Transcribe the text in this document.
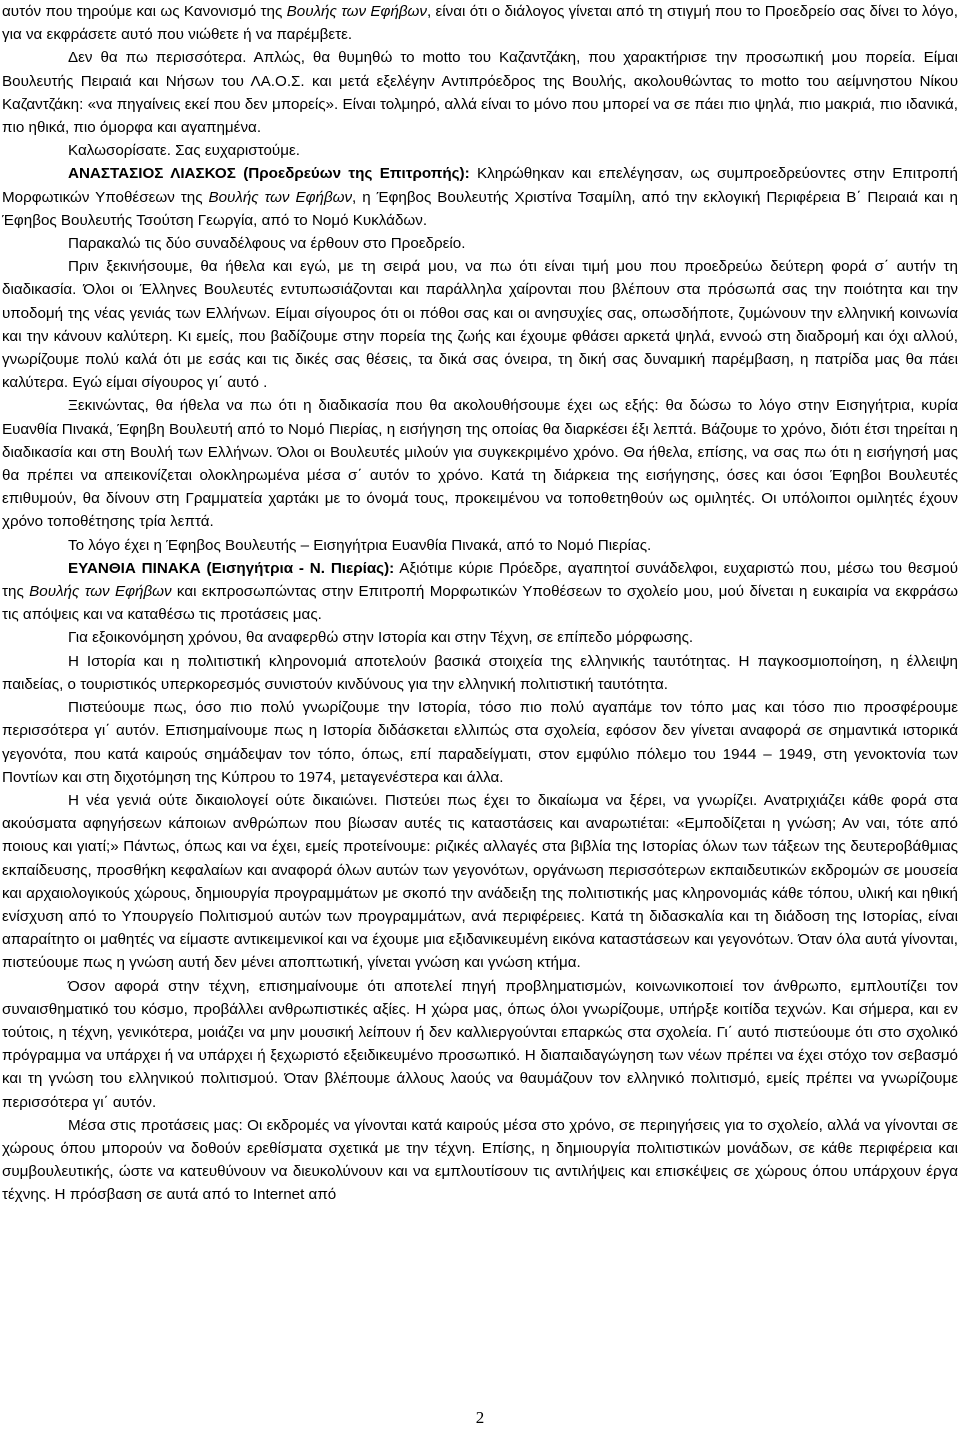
αυτόν που τηρούμε και ως Κανονισμό της Βουλής των Εφήβων, είναι ότι ο διάλογος γίνεται από τη στιγμή που το Προεδρείο σας δίνει το λόγο, για να εκφράσετε αυτό που νιώθετε ή να παρέμβετε.

Δεν θα πω περισσότερα. Απλώς, θα θυμηθώ το motto του Καζαντζάκη, που χαρακτήρισε την προσωπική μου πορεία. Είμαι Βουλευτής Πειραιά και Νήσων του ΛΑ.Ο.Σ. και μετά εξελέγην Αντιπρόεδρος της Βουλής, ακολουθώντας το motto του αείμνηστου Νίκου Καζαντζάκη: «να πηγαίνεις εκεί που δεν μπορείς». Είναι τολμηρό, αλλά είναι το μόνο που μπορεί να σε πάει πιο ψηλά, πιο μακριά, πιο ιδανικά, πιο ηθικά, πιο όμορφα και αγαπημένα.

Καλωσορίσατε. Σας ευχαριστούμε.

ΑΝΑΣΤΑΣΙΟΣ ΛΙΑΣΚΟΣ (Προεδρεύων της Επιτροπής): Κληρώθηκαν και επελέγησαν, ως συμπροεδρεύοντες στην Επιτροπή Μορφωτικών Υποθέσεων της Βουλής των Εφήβων, η Έφηβος Βουλευτής Χριστίνα Τσαμίλη, από την εκλογική Περιφέρεια Β΄ Πειραιά και η Έφηβος Βουλευτής Τσούτση Γεωργία, από το Νομό Κυκλάδων.

Παρακαλώ τις δύο συναδέλφους να έρθουν στο Προεδρείο.

Πριν ξεκινήσουμε, θα ήθελα και εγώ, με τη σειρά μου, να πω ότι είναι τιμή μου που προεδρεύω δεύτερη φορά σ΄ αυτήν τη διαδικασία. Όλοι οι Έλληνες Βουλευτές εντυπωσιάζονται και παράλληλα χαίρονται που βλέπουν στα πρόσωπά σας την ποιότητα και την υποδομή της νέας γενιάς των Ελλήνων. Είμαι σίγουρος ότι οι πόθοι σας και οι ανησυχίες σας, οπωσδήποτε, ζυμώνουν την ελληνική κοινωνία και την κάνουν καλύτερη. Κι εμείς, που βαδίζουμε στην πορεία της ζωής και έχουμε φθάσει αρκετά ψηλά, εννοώ στη διαδρομή και όχι αλλού, γνωρίζουμε πολύ καλά ότι με εσάς και τις δικές σας θέσεις, τα δικά σας όνειρα, τη δική σας δυναμική παρέμβαση, η πατρίδα μας θα πάει καλύτερα. Εγώ είμαι σίγουρος γι΄ αυτό .

Ξεκινώντας, θα ήθελα να πω ότι η διαδικασία που θα ακολουθήσουμε έχει ως εξής: θα δώσω το λόγο στην Εισηγήτρια, κυρία Ευανθία Πινακά, Έφηβη Βουλευτή από το Νομό Πιερίας, η εισήγηση της οποίας θα διαρκέσει έξι λεπτά. Βάζουμε το χρόνο, διότι έτσι τηρείται η διαδικασία και στη Βουλή των Ελλήνων. Όλοι οι Βουλευτές μιλούν για συγκεκριμένο χρόνο. Θα ήθελα, επίσης, να σας πω ότι η εισήγησή μας θα πρέπει να απεικονίζεται ολοκληρωμένα μέσα σ΄ αυτόν το χρόνο. Κατά τη διάρκεια της εισήγησης, όσες και όσοι Έφηβοι Βουλευτές επιθυμούν, θα δίνουν στη Γραμματεία χαρτάκι με το όνομά τους, προκειμένου να τοποθετηθούν ως ομιλητές. Οι υπόλοιποι ομιλητές έχουν χρόνο τοποθέτησης τρία λεπτά.

Το λόγο έχει η Έφηβος Βουλευτής – Εισηγήτρια Ευανθία Πινακά, από το Νομό Πιερίας.

ΕΥΑΝΘΙΑ ΠΙΝΑΚΑ (Εισηγήτρια - Ν. Πιερίας): Αξιότιμε κύριε Πρόεδρε, αγαπητοί συνάδελφοι, ευχαριστώ που, μέσω του θεσμού της Βουλής των Εφήβων και εκπροσωπώντας στην Επιτροπή Μορφωτικών Υποθέσεων το σχολείο μου, μού δίνεται η ευκαιρία να εκφράσω τις απόψεις και να καταθέσω τις προτάσεις μας.

Για εξοικονόμηση χρόνου, θα αναφερθώ στην Ιστορία και στην Τέχνη, σε επίπεδο μόρφωσης.

Η Ιστορία και η πολιτιστική κληρονομιά αποτελούν βασικά στοιχεία της ελληνικής ταυτότητας. Η παγκοσμιοποίηση, η έλλειψη παιδείας, ο τουριστικός υπερκορεσμός συνιστούν κινδύνους για την ελληνική πολιτιστική ταυτότητα.

Πιστεύουμε πως, όσο πιο πολύ γνωρίζουμε την Ιστορία, τόσο πιο πολύ αγαπάμε τον τόπο μας και τόσο πιο προσφέρουμε περισσότερα γι΄ αυτόν. Επισημαίνουμε πως η Ιστορία διδάσκεται ελλιπώς στα σχολεία, εφόσον δεν γίνεται αναφορά σε σημαντικά ιστορικά γεγονότα, που κατά καιρούς σημάδεψαν τον τόπο, όπως, επί παραδείγματι, στον εμφύλιο πόλεμο του 1944 – 1949, στη γενοκτονία των Ποντίων και στη διχοτόμηση της Κύπρου το 1974, μεταγενέστερα και άλλα.

Η νέα γενιά ούτε δικαιολογεί ούτε δικαιώνει. Πιστεύει πως έχει το δικαίωμα να ξέρει, να γνωρίζει. Ανατριχιάζει κάθε φορά στα ακούσματα αφηγήσεων κάποιων ανθρώπων που βίωσαν αυτές τις καταστάσεις και αναρωτιέται: «Εμποδίζεται η γνώση; Αν ναι, τότε από ποιους και γιατί;» Πάντως, όπως και να έχει, εμείς προτείνουμε: ριζικές αλλαγές στα βιβλία της Ιστορίας όλων των τάξεων της δευτεροβάθμιας εκπαίδευσης, προσθήκη κεφαλαίων και αναφορά όλων αυτών των γεγονότων, οργάνωση περισσότερων εκπαιδευτικών εκδρομών σε μουσεία και αρχαιολογικούς χώρους, δημιουργία προγραμμάτων με σκοπό την ανάδειξη της πολιτιστικής μας κληρονομιάς κάθε τόπου, υλική και ηθική ενίσχυση από το Υπουργείο Πολιτισμού αυτών των προγραμμάτων, ανά περιφέρειες. Κατά τη διδασκαλία και τη διάδοση της Ιστορίας, είναι απαραίτητο οι μαθητές να είμαστε αντικειμενικοί και να έχουμε μια εξιδανικευμένη εικόνα καταστάσεων και γεγονότων. Όταν όλα αυτά γίνονται, πιστεύουμε πως η γνώση αυτή δεν μένει αποπτωτική, γίνεται γνώση και γνώση κτήμα.

Όσον αφορά στην τέχνη, επισημαίνουμε ότι αποτελεί πηγή προβληματισμών, κοινωνικοποιεί τον άνθρωπο, εμπλουτίζει τον συναισθηματικό του κόσμο, προβάλλει ανθρωπιστικές αξίες. Η χώρα μας, όπως όλοι γνωρίζουμε, υπήρξε κοιτίδα τεχνών. Και σήμερα, και εν τούτοις, η τέχνη, γενικότερα, μοιάζει να μην μουσική λείπουν ή δεν καλλιεργούνται επαρκώς στα σχολεία. Γι΄ αυτό πιστεύουμε ότι στο σχολικό πρόγραμμα να υπάρχει ή να υπάρχει ή ξεχωριστό εξειδικευμένο προσωπικό. Η διαπαιδαγώγηση των νέων πρέπει να έχει στόχο τον σεβασμό και τη γνώση του ελληνικού πολιτισμού. Όταν βλέπουμε άλλους λαούς να θαυμάζουν τον ελληνικό πολιτισμό, εμείς πρέπει να γνωρίζουμε περισσότερα γι΄ αυτόν.

Μέσα στις προτάσεις μας: Οι εκδρομές να γίνονται κατά καιρούς μέσα στο χρόνο, σε περιηγήσεις για το σχολείο, αλλά να γίνονται σε χώρους όπου μπορούν να δοθούν ερεθίσματα σχετικά με την τέχνη. Επίσης, η δημιουργία πολιτιστικών μονάδων, σε κάθε περιφέρεια και συμβουλευτικής, ώστε να κατευθύνουν να διευκολύνουν και να εμπλουτίσουν τις αντιλήψεις και επισκέψεις σε χώρους όπου υπάρχουν έργα τέχνης. Η πρόσβαση σε αυτά από το Internet από

2
